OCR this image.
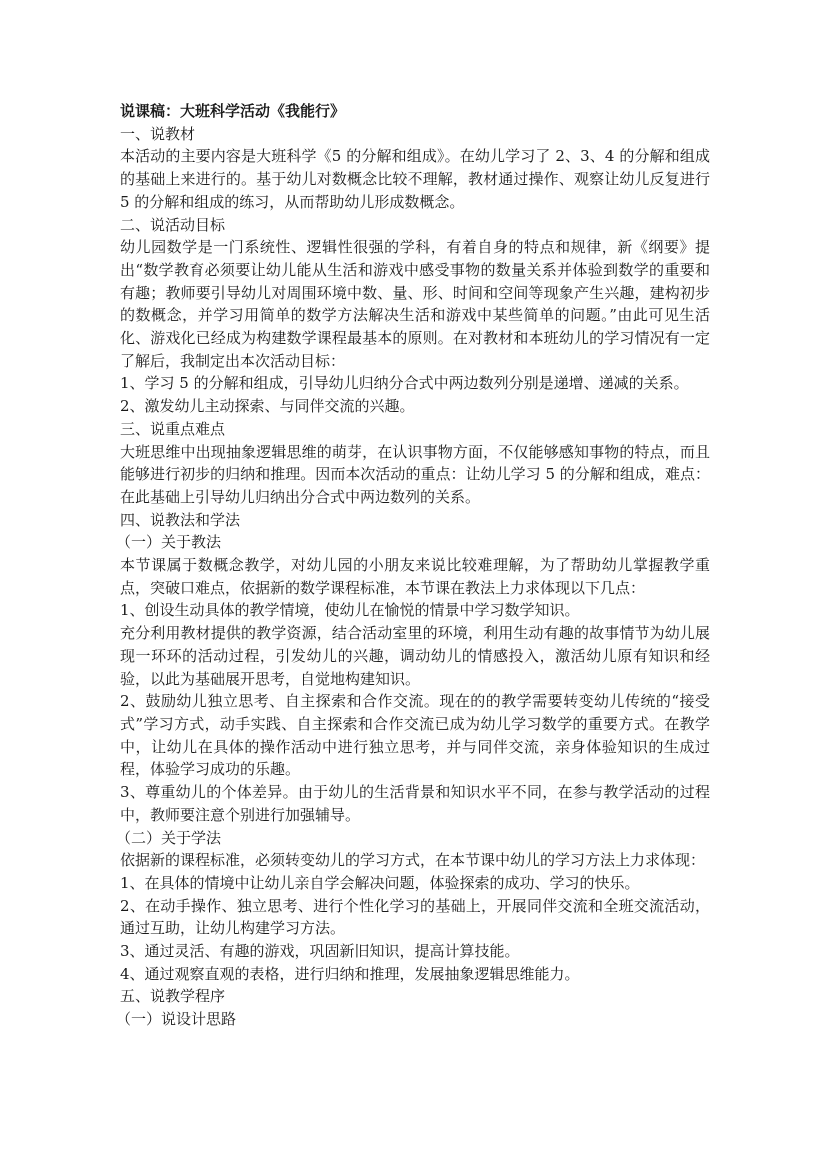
说课稿：大班科学活动《我能行》

一、说教材

本活动的主要内容是大班科学《5 的分解和组成》。在幼儿学习了 2、3、4 的分解和组成的基础上来进行的。基于幼儿对数概念比较不理解，教材通过操作、观察让幼儿反复进行 5 的分解和组成的练习，从而帮助幼儿形成数概念。

二、说活动目标

幼儿园数学是一门系统性、逻辑性很强的学科，有着自身的特点和规律，新《纲要》提出“数学教育必须要让幼儿能从生活和游戏中感受事物的数量关系并体验到数学的重要和有趣；教师要引导幼儿对周围环境中数、量、形、时间和空间等现象产生兴趣，建构初步的数概念，并学习用简单的数学方法解决生活和游戏中某些简单的问题。”由此可见生活化、游戏化已经成为构建数学课程最基本的原则。在对教材和本班幼儿的学习情况有一定了解后，我制定出本次活动目标：

1、学习 5 的分解和组成，引导幼儿归纳分合式中两边数列分别是递增、递减的关系。

2、激发幼儿主动探索、与同伴交流的兴趣。

三、说重点难点

大班思维中出现抽象逻辑思维的萌芽，在认识事物方面，不仅能够感知事物的特点，而且能够进行初步的归纳和推理。因而本次活动的重点：让幼儿学习 5 的分解和组成，难点：在此基础上引导幼儿归纳出分合式中两边数列的关系。

四、说教法和学法

（一）关于教法

本节课属于数概念教学，对幼儿园的小朋友来说比较难理解，为了帮助幼儿掌握教学重点，突破口难点，依据新的数学课程标准，本节课在教法上力求体现以下几点：

1、创设生动具体的教学情境，使幼儿在愉悦的情景中学习数学知识。

充分利用教材提供的教学资源，结合活动室里的环境，利用生动有趣的故事情节为幼儿展现一环环的活动过程，引发幼儿的兴趣，调动幼儿的情感投入，激活幼儿原有知识和经验，以此为基础展开思考，自觉地构建知识。

2、鼓励幼儿独立思考、自主探索和合作交流。现在的的教学需要转变幼儿传统的“接受式”学习方式，动手实践、自主探索和合作交流已成为幼儿学习数学的重要方式。在教学中，让幼儿在具体的操作活动中进行独立思考，并与同伴交流，亲身体验知识的生成过程，体验学习成功的乐趣。

3、尊重幼儿的个体差异。由于幼儿的生活背景和知识水平不同，在参与教学活动的过程中，教师要注意个别进行加强辅导。

（二）关于学法

依据新的课程标准，必须转变幼儿的学习方式，在本节课中幼儿的学习方法上力求体现：

1、在具体的情境中让幼儿亲自学会解决问题，体验探索的成功、学习的快乐。

2、在动手操作、独立思考、进行个性化学习的基础上，开展同伴交流和全班交流活动，通过互助，让幼儿构建学习方法。

3、通过灵活、有趣的游戏，巩固新旧知识，提高计算技能。

4、通过观察直观的表格，进行归纳和推理，发展抽象逻辑思维能力。

五、说教学程序

（一）说设计思路
